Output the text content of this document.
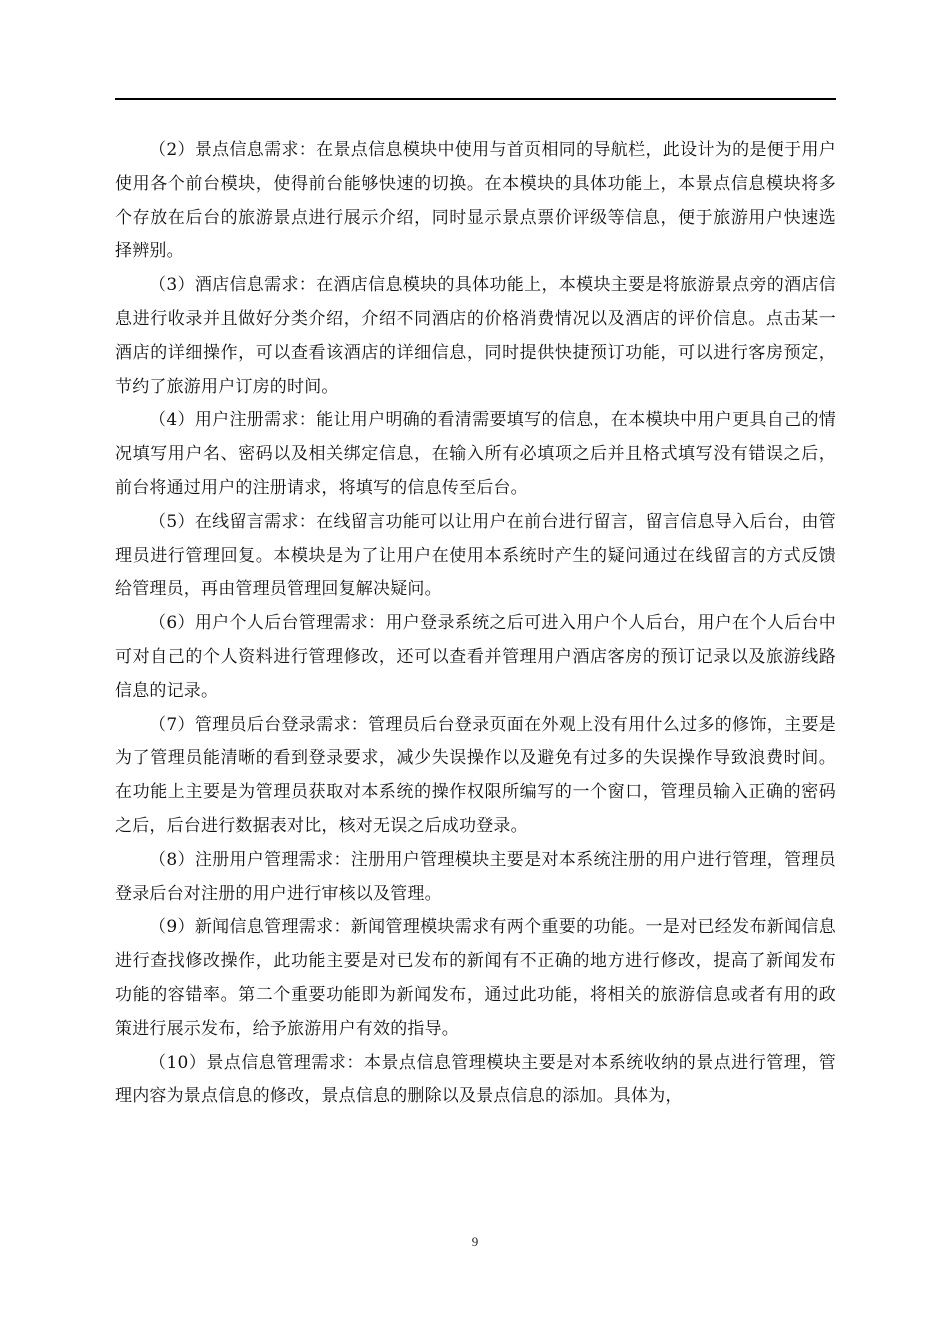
（2）景点信息需求：在景点信息模块中使用与首页相同的导航栏，此设计为的是便于用户使用各个前台模块，使得前台能够快速的切换。在本模块的具体功能上，本景点信息模块将多个存放在后台的旅游景点进行展示介绍，同时显示景点票价评级等信息，便于旅游用户快速选择辨别。

（3）酒店信息需求：在酒店信息模块的具体功能上，本模块主要是将旅游景点旁的酒店信息进行收录并且做好分类介绍，介绍不同酒店的价格消费情况以及酒店的评价信息。点击某一酒店的详细操作，可以查看该酒店的详细信息，同时提供快捷预订功能，可以进行客房预定，节约了旅游用户订房的时间。

（4）用户注册需求：能让用户明确的看清需要填写的信息，在本模块中用户更具自己的情况填写用户名、密码以及相关绑定信息，在输入所有必填项之后并且格式填写没有错误之后，前台将通过用户的注册请求，将填写的信息传至后台。

（5）在线留言需求：在线留言功能可以让用户在前台进行留言，留言信息导入后台，由管理员进行管理回复。本模块是为了让用户在使用本系统时产生的疑问通过在线留言的方式反馈给管理员，再由管理员管理回复解决疑问。

（6）用户个人后台管理需求：用户登录系统之后可进入用户个人后台，用户在个人后台中可对自己的个人资料进行管理修改，还可以查看并管理用户酒店客房的预订记录以及旅游线路信息的记录。

（7）管理员后台登录需求：管理员后台登录页面在外观上没有用什么过多的修饰，主要是为了管理员能清晰的看到登录要求，减少失误操作以及避免有过多的失误操作导致浪费时间。在功能上主要是为管理员获取对本系统的操作权限所编写的一个窗口，管理员输入正确的密码之后，后台进行数据表对比，核对无误之后成功登录。

（8）注册用户管理需求：注册用户管理模块主要是对本系统注册的用户进行管理，管理员登录后台对注册的用户进行审核以及管理。

（9）新闻信息管理需求：新闻管理模块需求有两个重要的功能。一是对已经发布新闻信息进行查找修改操作，此功能主要是对已发布的新闻有不正确的地方进行修改，提高了新闻发布功能的容错率。第二个重要功能即为新闻发布，通过此功能，将相关的旅游信息或者有用的政策进行展示发布，给予旅游用户有效的指导。

（10）景点信息管理需求：本景点信息管理模块主要是对本系统收纳的景点进行管理，管理内容为景点信息的修改，景点信息的删除以及景点信息的添加。具体为，

9
